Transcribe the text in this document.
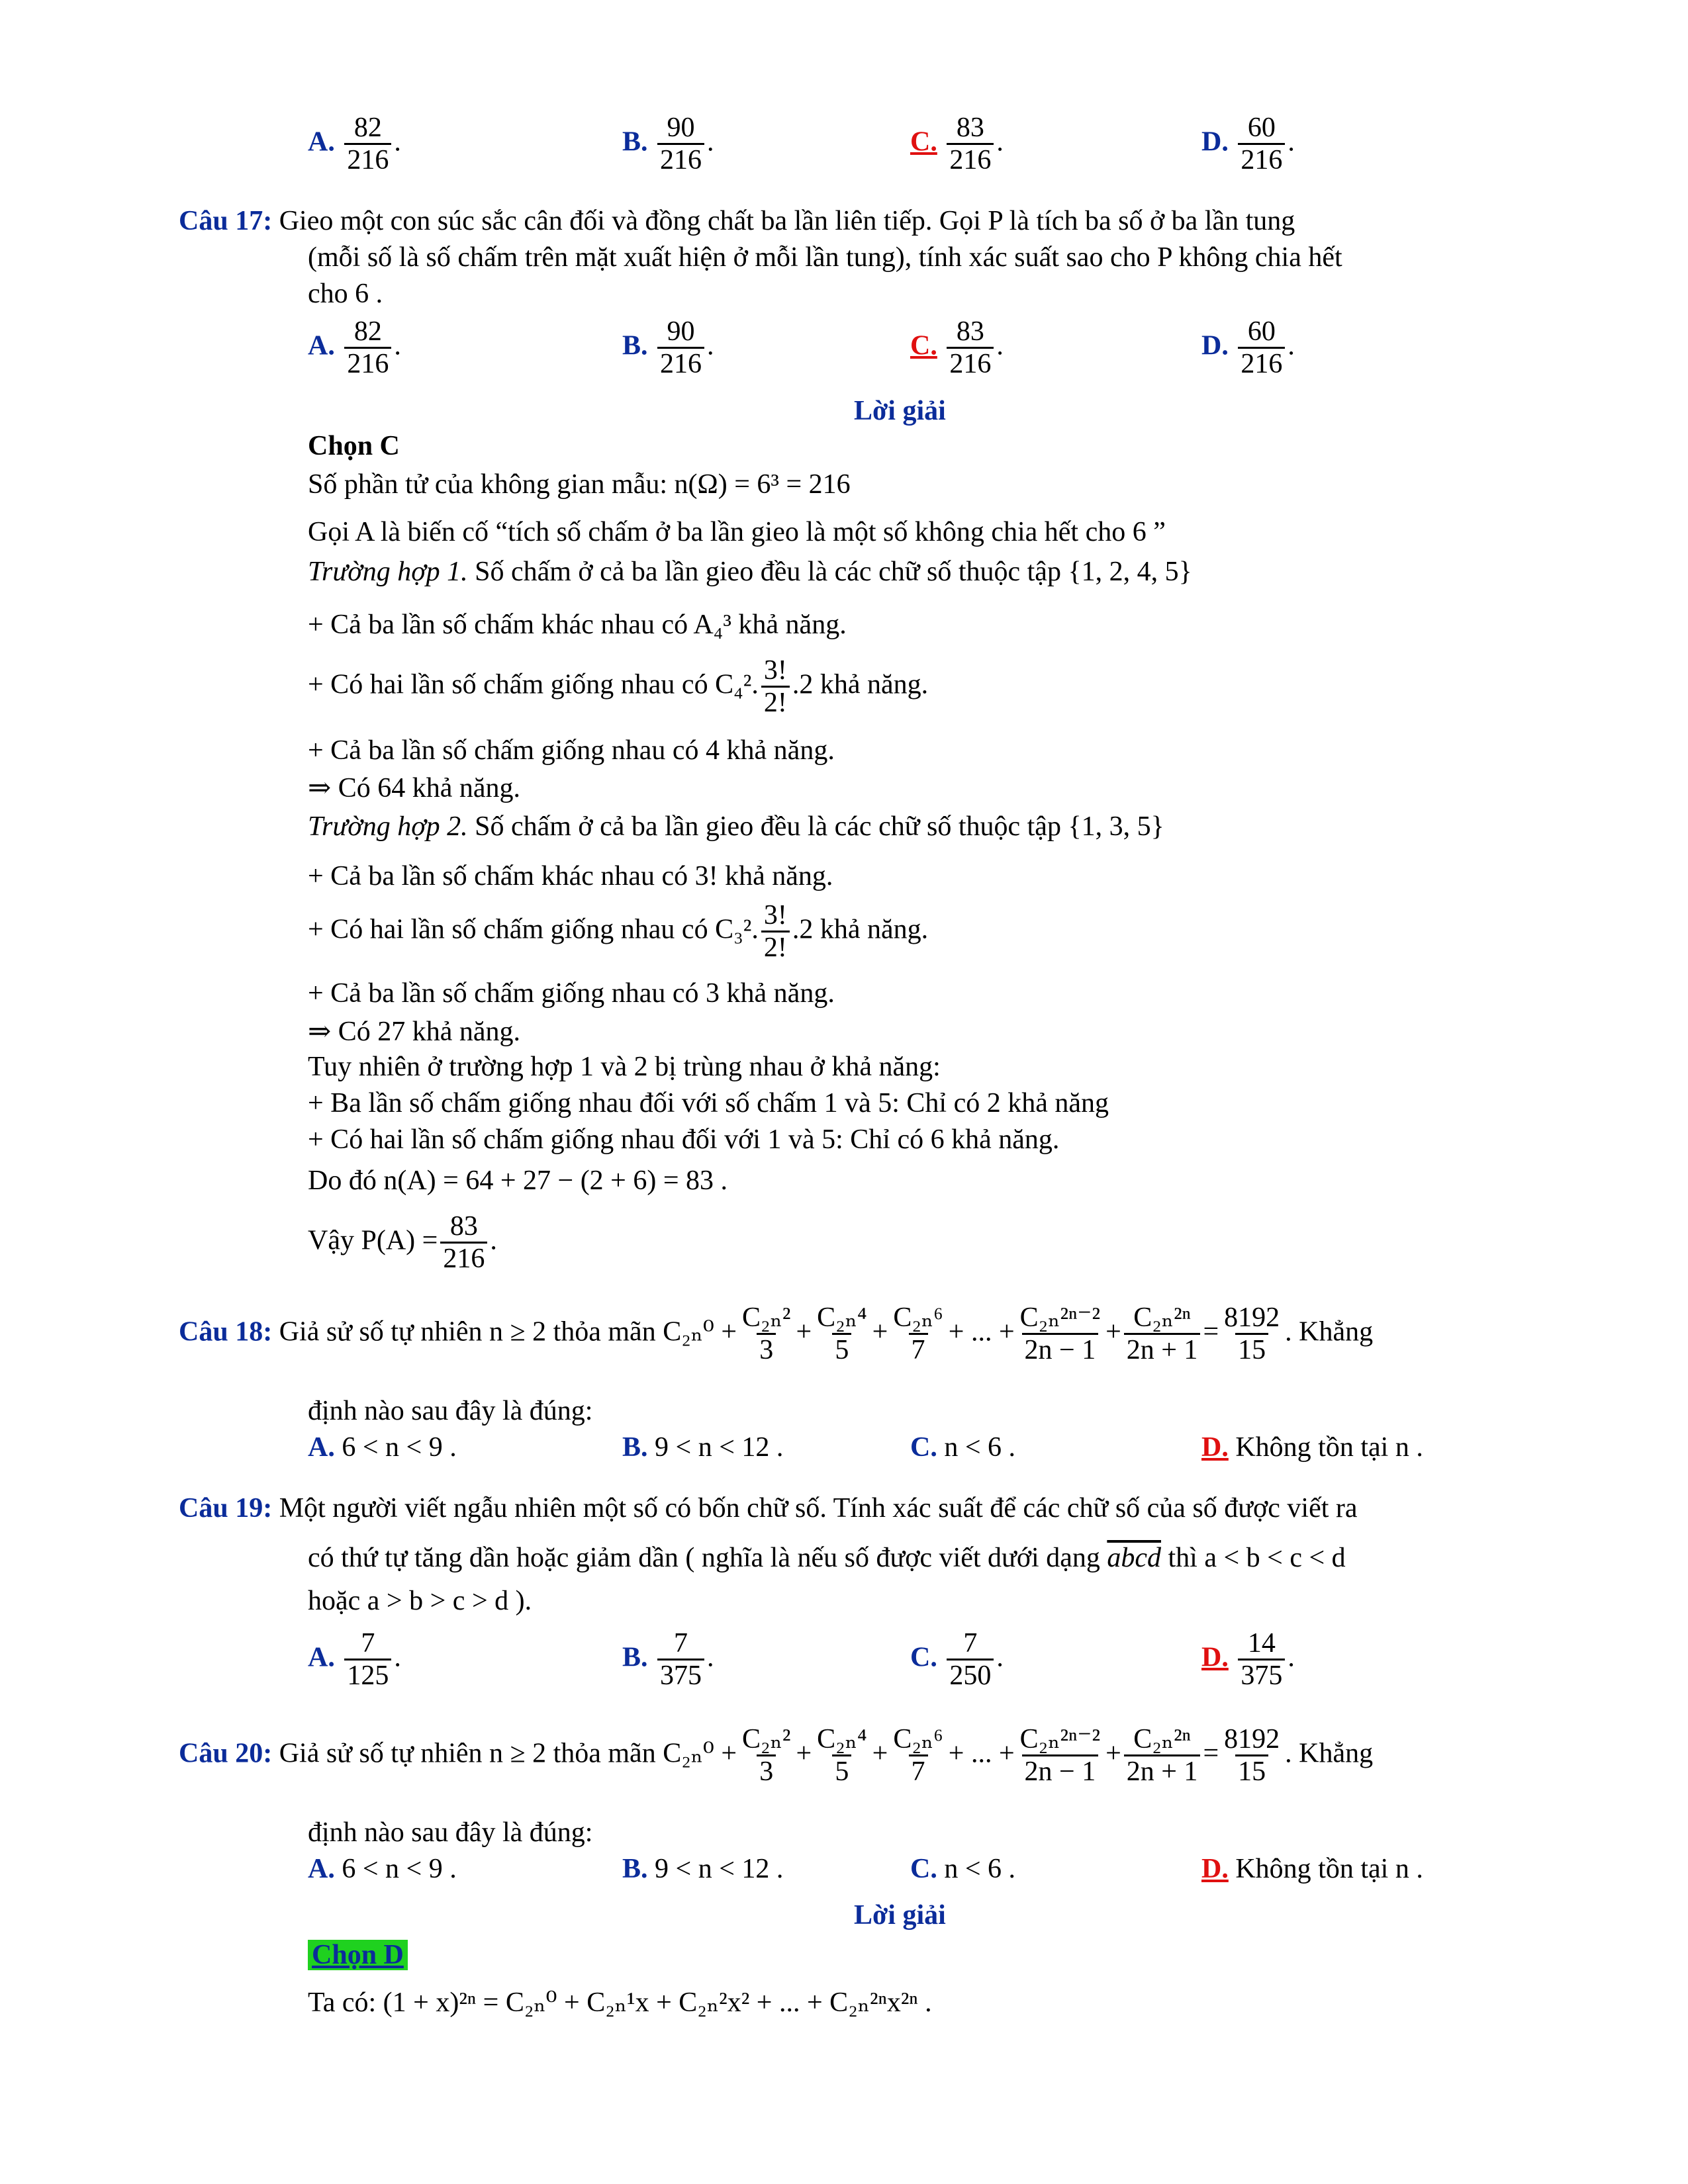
A. $\frac{82}{216}$ .	B. $\frac{90}{216}$ .	C. $\frac{83}{216}$ .	D. $\frac{60}{216}$ .
Câu 17: Gieo một con súc sắc cân đối và đồng chất ba lần liên tiếp. Gọi P là tích ba số ở ba lần tung
(mỗi số là số chấm trên mặt xuất hiện ở mỗi lần tung), tính xác suất sao cho P không chia hết
cho 6 .
A. $\frac{82}{216}$ .	B. $\frac{90}{216}$ .	C. $\frac{83}{216}$ .	D. $\frac{60}{216}$ .
Lời giải
Chọn C
Số phần tử của không gian mẫu: n(Ω) = 6³ = 216
Gọi A là biến cố “tích số chấm ở ba lần gieo là một số không chia hết cho 6 ”
Trường hợp 1. Số chấm ở cả ba lần gieo đều là các chữ số thuộc tập {1, 2, 4, 5}
+ Cả ba lần số chấm khác nhau có A₄³ khả năng.
+ Có hai lần số chấm giống nhau có C₄². $\frac{3!}{2!} .2$ khả năng.
+ Cả ba lần số chấm giống nhau có 4 khả năng.
⇒ Có 64 khả năng.
Trường hợp 2. Số chấm ở cả ba lần gieo đều là các chữ số thuộc tập {1, 3, 5}
+ Cả ba lần số chấm khác nhau có 3! khả năng.
+ Có hai lần số chấm giống nhau có C₃². $\frac{3!}{2!} .2$ khả năng.
+ Cả ba lần số chấm giống nhau có 3 khả năng.
⇒ Có 27 khả năng.
Tuy nhiên ở trường hợp 1 và 2 bị trùng nhau ở khả năng:
+ Ba lần số chấm giống nhau đối với số chấm 1 và 5: Chỉ có 2 khả năng
+ Có hai lần số chấm giống nhau đối với 1 và 5: Chỉ có 6 khả năng.
Do đó n(A) = 64 + 27 − (2 + 6) = 83 .
Vậy $P(A) = \frac{83}{216}$ .
Câu 18: Giả sử số tự nhiên n ≥ 2 thỏa mãn $C_{2n}^0 + \frac{\text{C₂ₙ²}}{3} + \frac{\text{C₂ₙ⁴}}{5} + \frac{\text{C₂ₙ⁶}}{7}$ + ... + $\frac{\text{C₂ₙ²ⁿ⁻²}}{2n - 1} + \frac{\text{C₂ₙ²ⁿ}}{2n + 1} = \frac{8192}{15}$ . Khẳng
định nào sau đây là đúng:
A. 6 < n < 9 .	B. 9 < n < 12 .	C. n < 6 .	D. Không tồn tại n .
Câu 19: Một người viết ngẫu nhiên một số có bốn chữ số. Tính xác suất để các chữ số của số được viết ra
có thứ tự tăng dần hoặc giảm dần ( nghĩa là nếu số được viết dưới dạng abcd thì a < b < c < d
hoặc a > b > c > d ).
A. $\frac{7}{125}$ .	B. $\frac{7}{375}$ .	C. $\frac{7}{250}$ .	D. $\frac{14}{375}$ .
Câu 20: Giả sử số tự nhiên n ≥ 2 thỏa mãn $C_{2n}^0 + \frac{\text{C₂ₙ²}}{3} + \frac{\text{C₂ₙ⁴}}{5} + \frac{\text{C₂ₙ⁶}}{7}$ + ... + $\frac{\text{C₂ₙ²ⁿ⁻²}}{2n - 1} + \frac{\text{C₂ₙ²ⁿ}}{2n + 1} = \frac{8192}{15}$ . Khẳng
định nào sau đây là đúng:
A. 6 < n < 9 .	B. 9 < n < 12 .	C. n < 6 .	D. Không tồn tại n .
Lời giải
Chọn D
Ta có: (1 + x)²ⁿ = C₂ₙ⁰ + C₂ₙ¹x + C₂ₙ²x² + ... + C₂ₙ²ⁿx²ⁿ .
